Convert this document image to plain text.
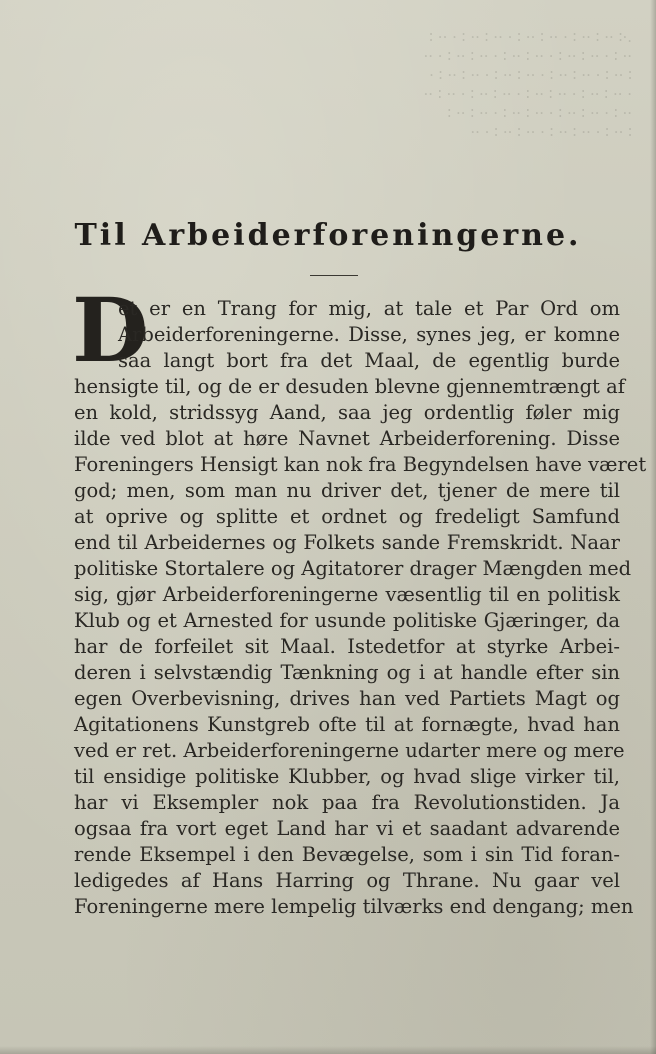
.·∶ ·· ∶ ·· ∶ · ·· ∶ ·· ∶ · ·· ∶ ·· ∶ · ·· ∶
·· ∶ · ·· ∶ ·· ∶ · ·· ∶ ·· ∶ · ·· ∶ ·· ∶ · ··
∶ ·· ∶ · ·· ∶ ·· ∶ · ·· ∶ ·· ∶ · ·· ∶ ·· ∶ ·
· ·· ∶ ·· ∶ · ·· ∶ ·· ∶ · ·· ∶ ·· ∶ · ·· ∶ ··
·· ∶ · ·· ∶ ·· ∶ · ·· ∶ ·· ∶ · ·· ∶ ·· ∶
∶ ·· ∶ · ·· ∶ ·· ∶ · ·· ∶ ·· ∶ · ··
Til Arbeiderforeningerne.
D
et er en Trang for mig, at tale et Par Ord om
Arbeiderforeningerne. Disse, synes jeg, er komne
saa langt bort fra det Maal, de egentlig burde
hensigte til, og de er desuden blevne gjennemtrængt af
en kold, stridssyg Aand, saa jeg ordentlig føler mig
ilde ved blot at høre Navnet Arbeiderforening. Disse
Foreningers Hensigt kan nok fra Begyndelsen have været
god; men, som man nu driver det, tjener de mere til
at oprive og splitte et ordnet og fredeligt Samfund
end til Arbeidernes og Folkets sande Fremskridt. Naar
politiske Stortalere og Agitatorer drager Mængden med
sig, gjør Arbeiderforeningerne væsentlig til en politisk
Klub og et Arnested for usunde politiske Gjæringer, da
har de forfeilet sit Maal. Istedetfor at styrke Arbei-
deren i selvstændig Tænkning og i at handle efter sin
egen Overbevisning, drives han ved Partiets Magt og
Agitationens Kunstgreb ofte til at fornægte, hvad han
ved er ret. Arbeiderforeningerne udarter mere og mere
til ensidige politiske Klubber, og hvad slige virker til,
har vi Eksempler nok paa fra Revolutionstiden. Ja
ogsaa fra vort eget Land har vi et saadant advarende
rende Eksempel i den Bevægelse, som i sin Tid foran-
ledigedes af Hans Harring og Thrane. Nu gaar vel
Foreningerne mere lempelig tilværks end dengang; men
